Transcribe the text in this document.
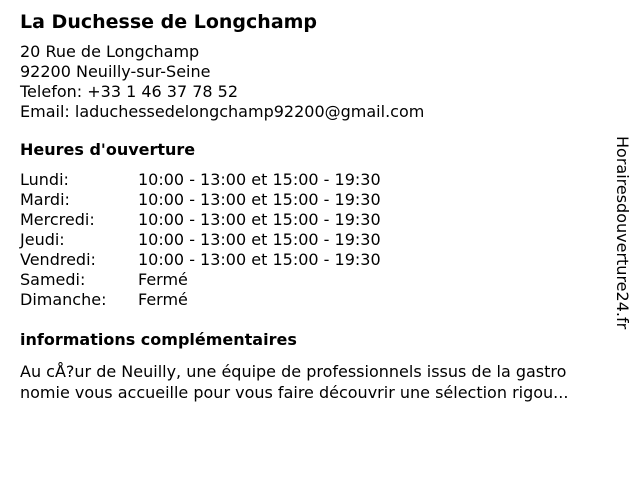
La Duchesse de Longchamp
20 Rue de Longchamp
92200 Neuilly-sur-Seine
Telefon: +33 1 46 37 78 52
Email: laduchessedelongchamp92200@gmail.com
Heures d'ouverture
Lundi:	10:00 - 13:00 et 15:00 - 19:30
Mardi:	10:00 - 13:00 et 15:00 - 19:30
Mercredi:	10:00 - 13:00 et 15:00 - 19:30
Jeudi:	10:00 - 13:00 et 15:00 - 19:30
Vendredi:	10:00 - 13:00 et 15:00 - 19:30
Samedi:	Fermé
Dimanche:	Fermé
informations complémentaires
Au cÅ?ur de Neuilly, une équipe de professionnels issus de la gastro
nomie vous accueille pour vous faire découvrir une sélection rigou...
Horairesdouverture24.fr
